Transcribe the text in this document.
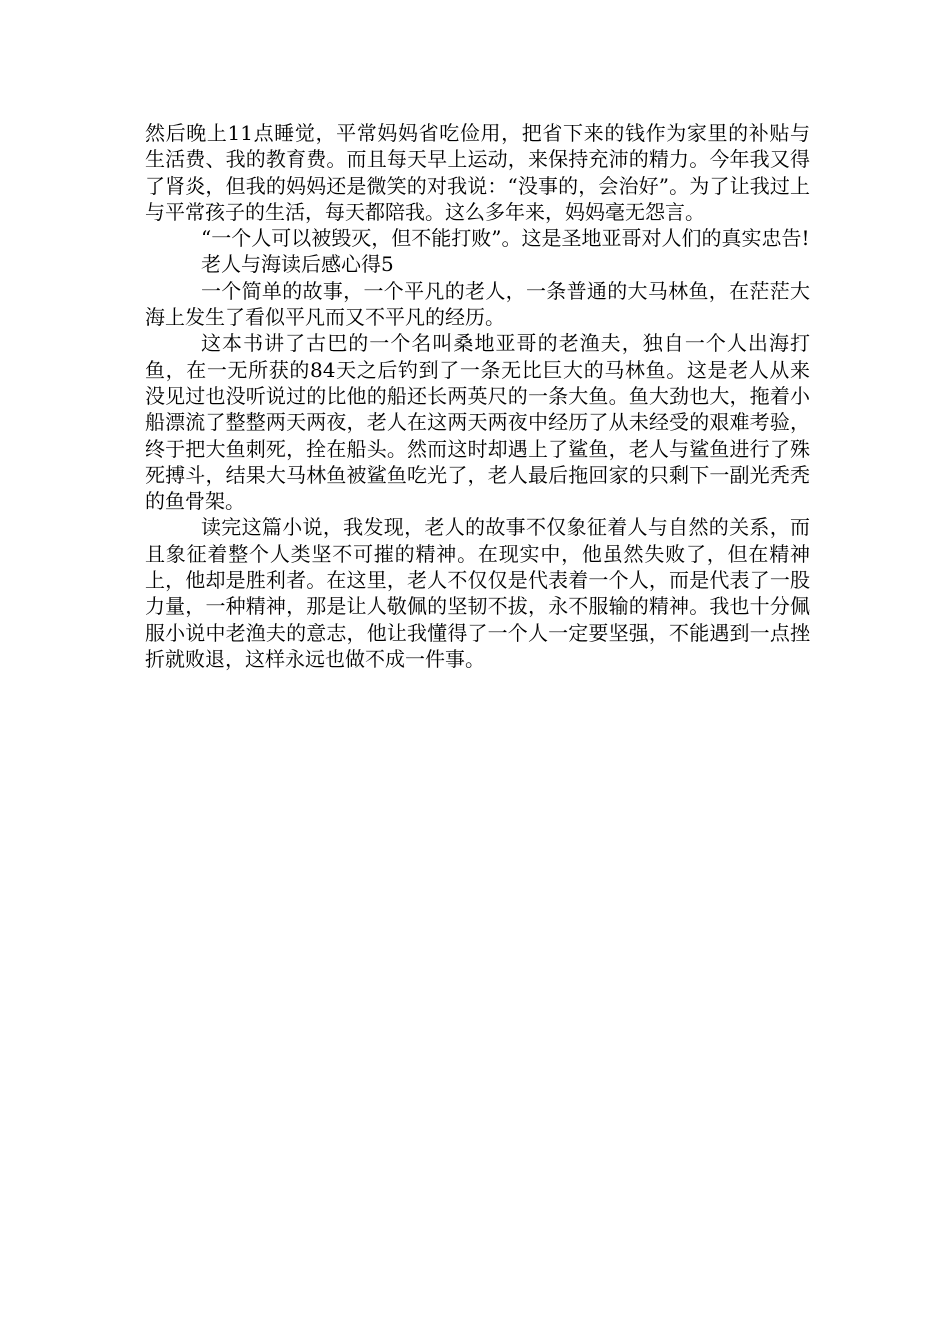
然后晚上11点睡觉，平常妈妈省吃俭用，把省下来的钱作为家里的补贴与生活费、我的教育费。而且每天早上运动，来保持充沛的精力。今年我又得了肾炎，但我的妈妈还是微笑的对我说：“没事的，会治好”。为了让我过上与平常孩子的生活，每天都陪我。这么多年来，妈妈毫无怨言。

“一个人可以被毁灭，但不能打败”。这是圣地亚哥对人们的真实忠告!

老人与海读后感心得5

一个简单的故事，一个平凡的老人，一条普通的大马林鱼，在茫茫大海上发生了看似平凡而又不平凡的经历。

这本书讲了古巴的一个名叫桑地亚哥的老渔夫，独自一个人出海打鱼，在一无所获的84天之后钓到了一条无比巨大的马林鱼。这是老人从来没见过也没听说过的比他的船还长两英尺的一条大鱼。鱼大劲也大，拖着小船漂流了整整两天两夜，老人在这两天两夜中经历了从未经受的艰难考验，终于把大鱼刺死，拴在船头。然而这时却遇上了鲨鱼，老人与鲨鱼进行了殊死搏斗，结果大马林鱼被鲨鱼吃光了，老人最后拖回家的只剩下一副光秃秃的鱼骨架。

读完这篇小说，我发现，老人的故事不仅象征着人与自然的关系，而且象征着整个人类坚不可摧的精神。在现实中，他虽然失败了，但在精神上，他却是胜利者。在这里，老人不仅仅是代表着一个人，而是代表了一股力量，一种精神，那是让人敬佩的坚韧不拔，永不服输的精神。我也十分佩服小说中老渔夫的意志，他让我懂得了一个人一定要坚强，不能遇到一点挫折就败退，这样永远也做不成一件事。
